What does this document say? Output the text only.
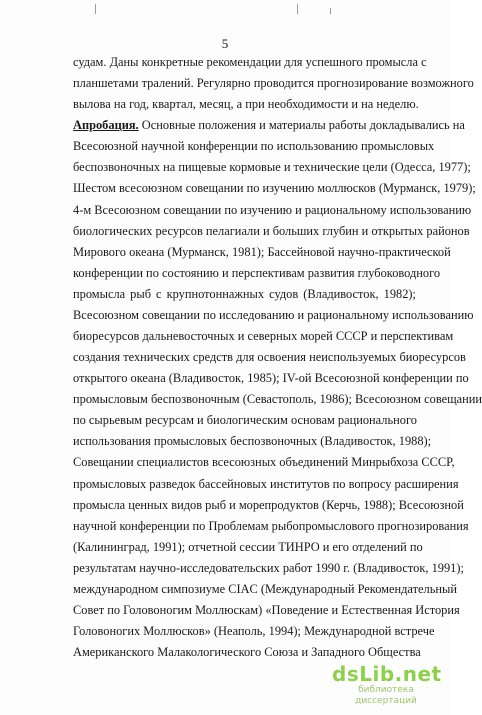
5
судам. Даны конкретные рекомендации для успешного промысла с
планшетами тралений. Регулярно проводится прогнозирование возможного
вылова на год, квартал, месяц, а при необходимости и на неделю.
Апробация. Основные положения и материалы работы докладывались на
Всесоюзной научной конференции по использованию промысловых
беспозвоночных на пищевые кормовые и технические цели (Одесса, 1977);
Шестом всесоюзном совещании по изучению моллюсков (Мурманск, 1979);
4-м Всесоюзном совещании по изучению и рациональному использованию
биологических ресурсов пелагиали и больших глубин и открытых районов
Мирового океана (Мурманск, 1981); Бассейновой научно-практической
конференции по состоянию и перспективам развития глубоководного
промысла рыб с крупнотоннажных судов (Владивосток, 1982);
Всесоюзном совещании по исследованию и рациональному использованию
биоресурсов дальневосточных и северных морей СССР и перспективам
создания технических средств для освоения неиспользуемых биоресурсов
открытого океана (Владивосток, 1985); IV-ой Всесоюзной конференции по
промысловым беспозвоночным (Севастополь, 1986); Всесоюзном совещании
по сырьевым ресурсам и биологическим основам рационального
использования промысловых беспозвоночных (Владивосток, 1988);
Совещании специалистов всесоюзных объединений Минрыбхоза СССР,
промысловых разведок бассейновых институтов по вопросу расширения
промысла ценных видов рыб и морепродуктов (Керчь, 1988); Всесоюзной
научной конференции по Проблемам рыбопромыслового прогнозирования
(Калининград, 1991); отчетной сессии ТИНРО и его отделений по
результатам научно-исследовательских работ 1990 г. (Владивосток, 1991);
международном симпозиуме CIAC (Международный Рекомендательный
Совет по Головоногим Моллюскам) «Поведение и Естественная История
Головоногих Моллюсков» (Неаполь, 1994); Международной встрече
Американского Малакологического Союза и Западного Общества
dsLib.net
библиотека диссертаций
